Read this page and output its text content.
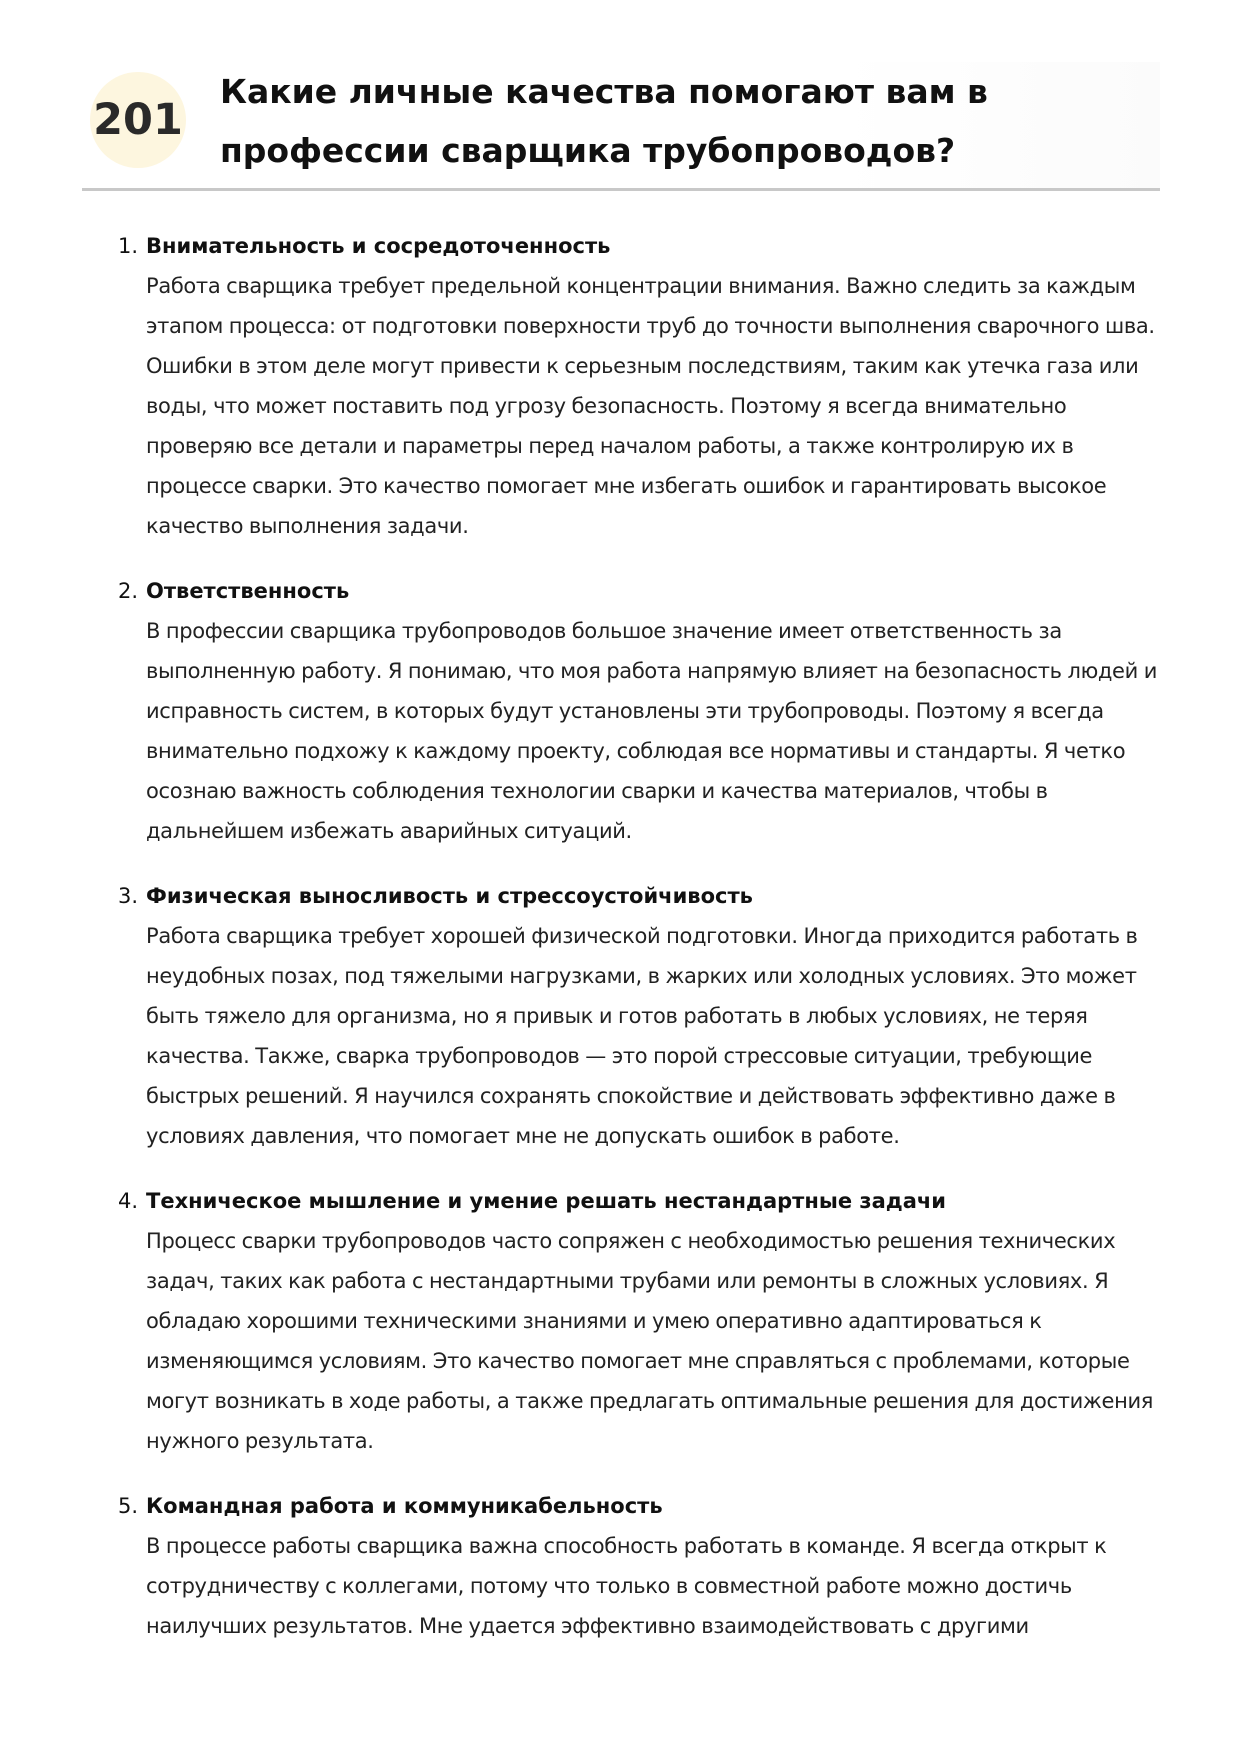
201
Какие личные качества помогают вам в профессии сварщика трубопроводов?
1. Внимательность и сосредоточенность

Работа сварщика требует предельной концентрации внимания. Важно следить за каждым этапом процесса: от подготовки поверхности труб до точности выполнения сварочного шва. Ошибки в этом деле могут привести к серьезным последствиям, таким как утечка газа или воды, что может поставить под угрозу безопасность. Поэтому я всегда внимательно проверяю все детали и параметры перед началом работы, а также контролирую их в процессе сварки. Это качество помогает мне избегать ошибок и гарантировать высокое качество выполнения задачи.

2. Ответственность

В профессии сварщика трубопроводов большое значение имеет ответственность за выполненную работу. Я понимаю, что моя работа напрямую влияет на безопасность людей и исправность систем, в которых будут установлены эти трубопроводы. Поэтому я всегда внимательно подхожу к каждому проекту, соблюдая все нормативы и стандарты. Я четко осознаю важность соблюдения технологии сварки и качества материалов, чтобы в дальнейшем избежать аварийных ситуаций.

3. Физическая выносливость и стрессоустойчивость

Работа сварщика требует хорошей физической подготовки. Иногда приходится работать в неудобных позах, под тяжелыми нагрузками, в жарких или холодных условиях. Это может быть тяжело для организма, но я привык и готов работать в любых условиях, не теряя качества. Также, сварка трубопроводов — это порой стрессовые ситуации, требующие быстрых решений. Я научился сохранять спокойствие и действовать эффективно даже в условиях давления, что помогает мне не допускать ошибок в работе.

4. Техническое мышление и умение решать нестандартные задачи

Процесс сварки трубопроводов часто сопряжен с необходимостью решения технических задач, таких как работа с нестандартными трубами или ремонты в сложных условиях. Я обладаю хорошими техническими знаниями и умею оперативно адаптироваться к изменяющимся условиям. Это качество помогает мне справляться с проблемами, которые могут возникать в ходе работы, а также предлагать оптимальные решения для достижения нужного результата.

5. Командная работа и коммуникабельность

В процессе работы сварщика важна способность работать в команде. Я всегда открыт к сотрудничеству с коллегами, потому что только в совместной работе можно достичь наилучших результатов. Мне удается эффективно взаимодействовать с другими
